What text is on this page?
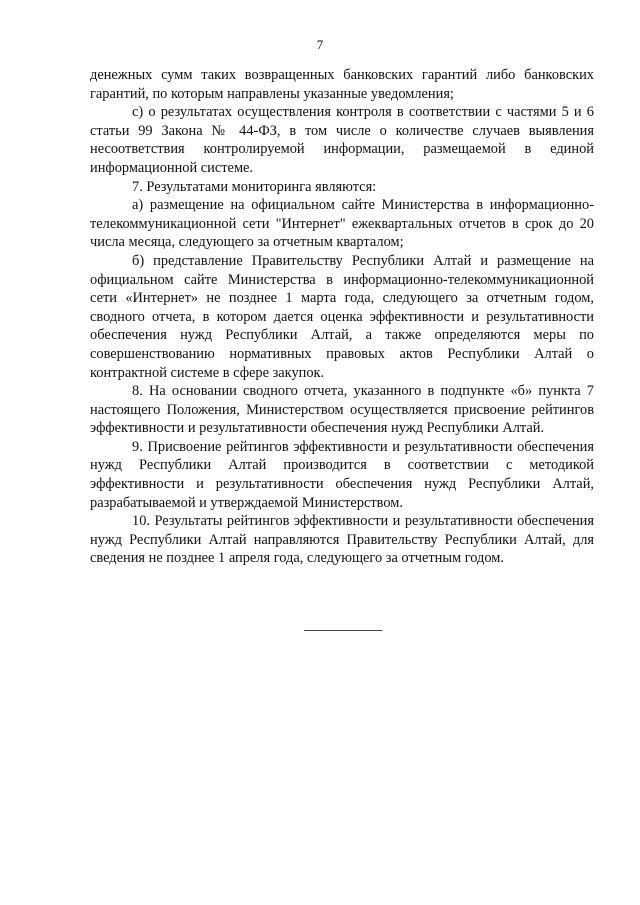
7

денежных сумм таких возвращенных банковских гарантий либо банковских гарантий, по которым направлены указанные уведомления;

с) о результатах осуществления контроля в соответствии с частями 5 и 6 статьи 99 Закона № 44-ФЗ, в том числе о количестве случаев выявления несоответствия контролируемой информации, размещаемой в единой информационной системе.

7. Результатами мониторинга являются:

а) размещение на официальном сайте Министерства в информационно-телекоммуникационной сети "Интернет" ежеквартальных отчетов в срок до 20 числа месяца, следующего за отчетным кварталом;

б) представление Правительству Республики Алтай и размещение на официальном сайте Министерства в информационно-телекоммуникационной сети «Интернет» не позднее 1 марта года, следующего за отчетным годом, сводного отчета, в котором дается оценка эффективности и результативности обеспечения нужд Республики Алтай, а также определяются меры по совершенствованию нормативных правовых актов Республики Алтай о контрактной системе в сфере закупок.

8. На основании сводного отчета, указанного в подпункте «б» пункта 7 настоящего Положения, Министерством осуществляется присвоение рейтингов эффективности и результативности обеспечения нужд Республики Алтай.

9. Присвоение рейтингов эффективности и результативности обеспечения нужд Республики Алтай производится в соответствии с методикой эффективности и результативности обеспечения нужд Республики Алтай, разрабатываемой и утверждаемой Министерством.

10. Результаты рейтингов эффективности и результативности обеспечения нужд Республики Алтай направляются Правительству Республики Алтай, для сведения не позднее 1 апреля года, следующего за отчетным годом.
